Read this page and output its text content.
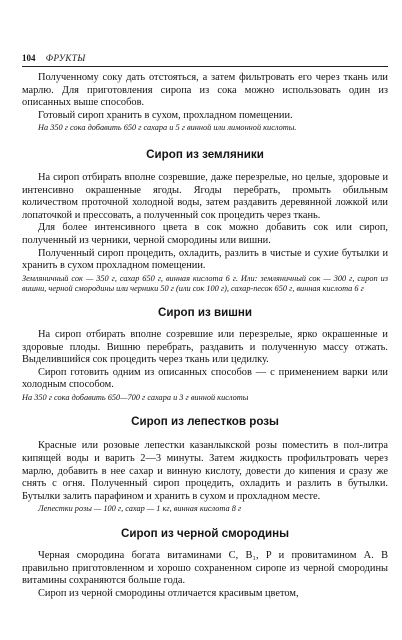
104 ФРУКТЫ

Полученному соку дать отстояться, а затем фильтровать его через ткань или марлю. Для приготовления сиропа из сока можно использовать один из описанных выше способов.

Готовый сироп хранить в сухом, прохладном помещении.

На 350 г сока добавить 650 г сахара и 5 г винной или лимонной кислоты.

Сироп из земляники

На сироп отбирать вполне созревшие, даже перезрелые, но целые, здоровые и интенсивно окрашенные ягоды. Ягоды перебрать, промыть обильным количеством проточной холодной воды, затем раздавить деревянной ложкой или лопаточкой и прессовать, а полученный сок процедить через ткань.

Для более интенсивного цвета в сок можно добавить сок или сироп, полученный из черники, черной смородины или вишни.

Полученный сироп процедить, охладить, разлить в чистые и сухие бутылки и хранить в сухом прохладном помещении.

Земляничный сок — 350 г, сахар 650 г, винная кислота 6 г. Или: земляничный сок — 300 г, сироп из вишни, черной смородины или черники 50 г (или сок 100 г), сахар-песок 650 г, винная кислота 6 г

Сироп из вишни

На сироп отбирать вполне созревшие или перезрелые, ярко окрашенные и здоровые плоды. Вишню перебрать, раздавить и полученную массу отжать. Выделившийся сок процедить через ткань или цедилку.

Сироп готовить одним из описанных способов — с применением варки или холодным способом.

На 350 г сока добавить 650—700 г сахара и 3 г винной кислоты

Сироп из лепестков розы

Красные или розовые лепестки казанлыкской розы поместить в пол-литра кипящей воды и варить 2—3 минуты. Затем жидкость профильтровать через марлю, добавить в нее сахар и винную кислоту, довести до кипения и сразу же снять с огня. Полученный сироп процедить, охладить и разлить в бутылки. Бутылки залить парафином и хранить в сухом и прохладном месте.

Лепестки розы — 100 г, сахар — 1 кг, винная кислота 8 г

Сироп из черной смородины

Черная смородина богата витаминами C, B₁, P и провитамином A. В правильно приготовленном и хорошо сохраненном сиропе из черной смородины витамины сохраняются больше года.

Сироп из черной смородины отличается красивым цветом,
